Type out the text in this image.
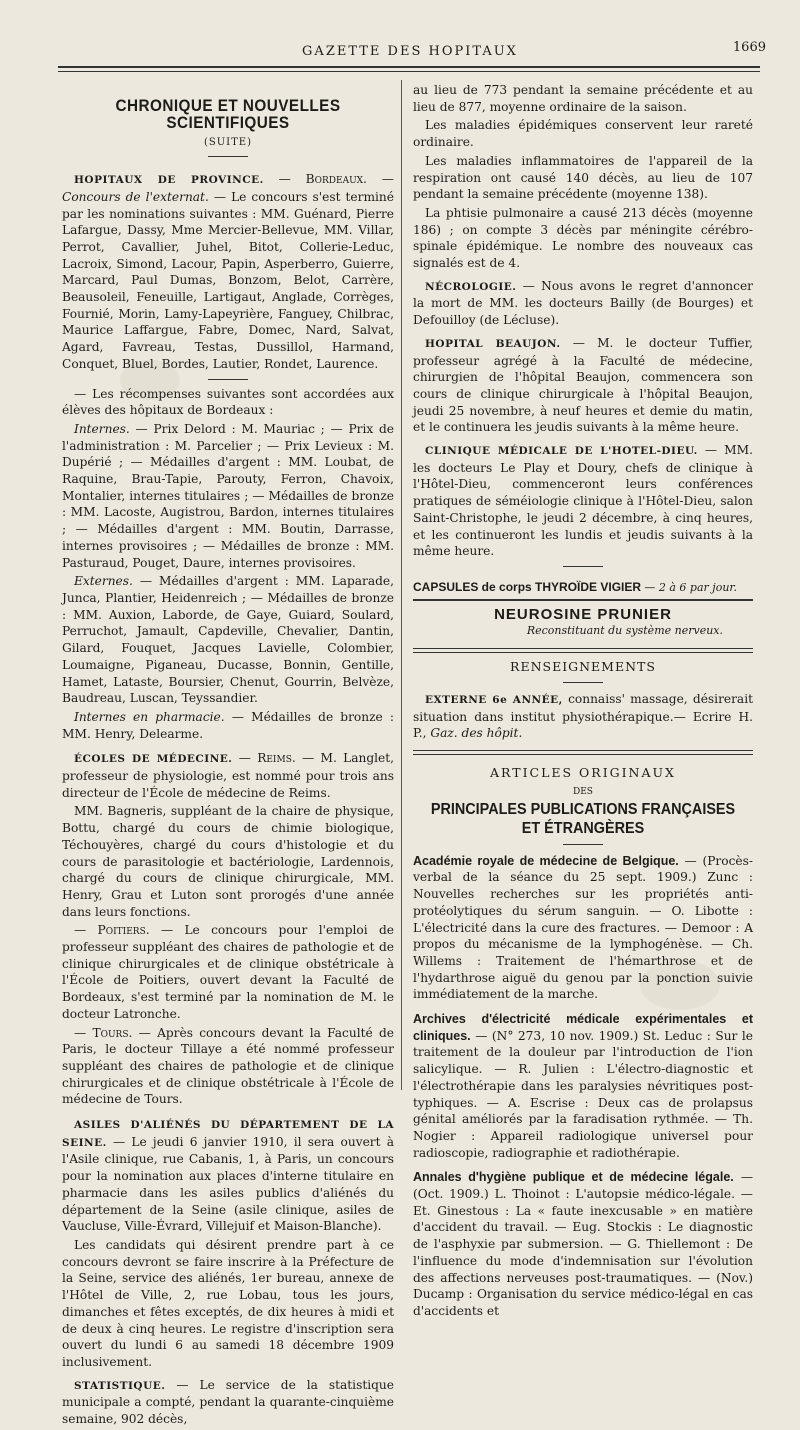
GAZETTE DES HOPITAUX	1669
CHRONIQUE ET NOUVELLES SCIENTIFIQUES
(SUITE)

HOPITAUX DE PROVINCE. — Bordeaux. — Concours de l'externat. — Le concours s'est terminé par les nominations suivantes : MM. Guénard, Pierre Lafargue, Dassy, Mme Mercier-Bellevue, MM. Villar, Perrot, Cavallier, Juhel, Bitot, Collerie-Leduc, Lacroix, Simond, Lacour, Papin, Asperberro, Guierre, Marcard, Paul Dumas, Bonzom, Belot, Carrère, Beausoleil, Feneuille, Lartigaut, Anglade, Corrèges, Fournié, Morin, Lamy-Lapeyrière, Fanguey, Chilbrac, Maurice Laffargue, Fabre, Domec, Nard, Salvat, Agard, Favreau, Testas, Dussillol, Harmand, Conquet, Bluel, Bordes, Lautier, Rondet, Laurence.

— Les récompenses suivantes sont accordées aux élèves des hôpitaux de Bordeaux :

Internes. — Prix Delord : M. Mauriac ; — Prix de l'administration : M. Parcelier ; — Prix Levieux : M. Dupérié ; — Médailles d'argent : MM. Loubat, de Raquine, Brau-Tapie, Parouty, Ferron, Chavoix, Montalier, internes titulaires ; — Médailles de bronze : MM. Lacoste, Augistrou, Bardon, internes titulaires ; — Médailles d'argent : MM. Boutin, Darrasse, internes provisoires ; — Médailles de bronze : MM. Pasturaud, Pouget, Daure, internes provisoires.

Externes. — Médailles d'argent : MM. Laparade, Junca, Plantier, Heidenreich ; — Médailles de bronze : MM. Auxion, Laborde, de Gaye, Guiard, Soulard, Perruchot, Jamault, Capdeville, Chevalier, Dantin, Gilard, Fouquet, Jacques Lavielle, Colombier, Loumaigne, Piganeau, Ducasse, Bonnin, Gentille, Hamet, Lataste, Boursier, Chenut, Gourrin, Belvèze, Baudreau, Luscan, Teyssandier.

Internes en pharmacie. — Médailles de bronze : MM. Henry, Delearme.

ÉCOLES DE MÉDECINE. — Reims. — M. Langlet, professeur de physiologie, est nommé pour trois ans directeur de l'École de médecine de Reims.

MM. Bagneris, suppléant de la chaire de physique, Bottu, chargé du cours de chimie biologique, Téchouyères, chargé du cours d'histologie et du cours de parasitologie et bactériologie, Lardennois, chargé du cours de clinique chirurgicale, MM. Henry, Grau et Luton sont prorogés d'une année dans leurs fonctions.

— Poitiers. — Le concours pour l'emploi de professeur suppléant des chaires de pathologie et de clinique chirurgicales et de clinique obstétricale à l'École de Poitiers, ouvert devant la Faculté de Bordeaux, s'est terminé par la nomination de M. le docteur Latronche.

— Tours. — Après concours devant la Faculté de Paris, le docteur Tillaye a été nommé professeur suppléant des chaires de pathologie et de clinique chirurgicales et de clinique obstétricale à l'École de médecine de Tours.

ASILES D'ALIÉNÉS DU DÉPARTEMENT DE LA SEINE. — Le jeudi 6 janvier 1910, il sera ouvert à l'Asile clinique, rue Cabanis, 1, à Paris, un concours pour la nomination aux places d'interne titulaire en pharmacie dans les asiles publics d'aliénés du département de la Seine (asile clinique, asiles de Vaucluse, Ville-Évrard, Villejuif et Maison-Blanche).

Les candidats qui désirent prendre part à ce concours devront se faire inscrire à la Préfecture de la Seine, service des aliénés, 1er bureau, annexe de l'Hôtel de Ville, 2, rue Lobau, tous les jours, dimanches et fêtes exceptés, de dix heures à midi et de deux à cinq heures. Le registre d'inscription sera ouvert du lundi 6 au samedi 18 décembre 1909 inclusivement.

STATISTIQUE. — Le service de la statistique municipale a compté, pendant la quarante-cinquième semaine, 902 décès,

au lieu de 773 pendant la semaine précédente et au lieu de 877, moyenne ordinaire de la saison.

Les maladies épidémiques conservent leur rareté ordinaire.

Les maladies inflammatoires de l'appareil de la respiration ont causé 140 décès, au lieu de 107 pendant la semaine précédente (moyenne 138).

La phtisie pulmonaire a causé 213 décès (moyenne 186) ; on compte 3 décès par méningite cérébro-spinale épidémique. Le nombre des nouveaux cas signalés est de 4.

NÉCROLOGIE. — Nous avons le regret d'annoncer la mort de MM. les docteurs Bailly (de Bourges) et Defouilloy (de Lécluse).

HOPITAL BEAUJON. — M. le docteur Tuffier, professeur agrégé à la Faculté de médecine, chirurgien de l'hôpital Beaujon, commencera son cours de clinique chirurgicale à l'hôpital Beaujon, jeudi 25 novembre, à neuf heures et demie du matin, et le continuera les jeudis suivants à la même heure.

CLINIQUE MÉDICALE DE L'HOTEL-DIEU. — MM. les docteurs Le Play et Doury, chefs de clinique à l'Hôtel-Dieu, commenceront leurs conférences pratiques de séméiologie clinique à l'Hôtel-Dieu, salon Saint-Christophe, le jeudi 2 décembre, à cinq heures, et les continueront les lundis et jeudis suivants à la même heure.

CAPSULES de corps THYROÏDE VIGIER — 2 à 6 par jour.
NEUROSINE PRUNIER
Reconstituant du système nerveux.
RENSEIGNEMENTS

EXTERNE 6e ANNÉE, connaiss' massage, désirerait situation dans institut physiothérapique.— Ecrire H. P., Gaz. des hôpit.

ARTICLES ORIGINAUX
DES
PRINCIPALES PUBLICATIONS FRANÇAISES
ET ÉTRANGÈRES

Académie royale de médecine de Belgique. — (Procès-verbal de la séance du 25 sept. 1909.) Zunc : Nouvelles recherches sur les propriétés anti-protéolytiques du sérum sanguin. — O. Libotte : L'électricité dans la cure des fractures. — Demoor : A propos du mécanisme de la lymphogénèse. — Ch. Willems : Traitement de l'hémarthrose et de l'hydarthrose aiguë du genou par la ponction suivie immédiatement de la marche.

Archives d'électricité médicale expérimentales et cliniques. — (N° 273, 10 nov. 1909.) St. Leduc : Sur le traitement de la douleur par l'introduction de l'ion salicylique. — R. Julien : L'électro-diagnostic et l'électrothérapie dans les paralysies névritiques post-typhiques. — A. Escrise : Deux cas de prolapsus génital améliorés par la faradisation rythmée. — Th. Nogier : Appareil radiologique universel pour radioscopie, radiographie et radiothérapie.

Annales d'hygiène publique et de médecine légale. — (Oct. 1909.) L. Thoinot : L'autopsie médico-légale. — Et. Ginestous : La « faute inexcusable » en matière d'accident du travail. — Eug. Stockis : Le diagnostic de l'asphyxie par submersion. — G. Thiellemont : De l'influence du mode d'indemnisation sur l'évolution des affections nerveuses post-traumatiques. — (Nov.) Ducamp : Organisation du service médico-légal en cas d'accidents et
